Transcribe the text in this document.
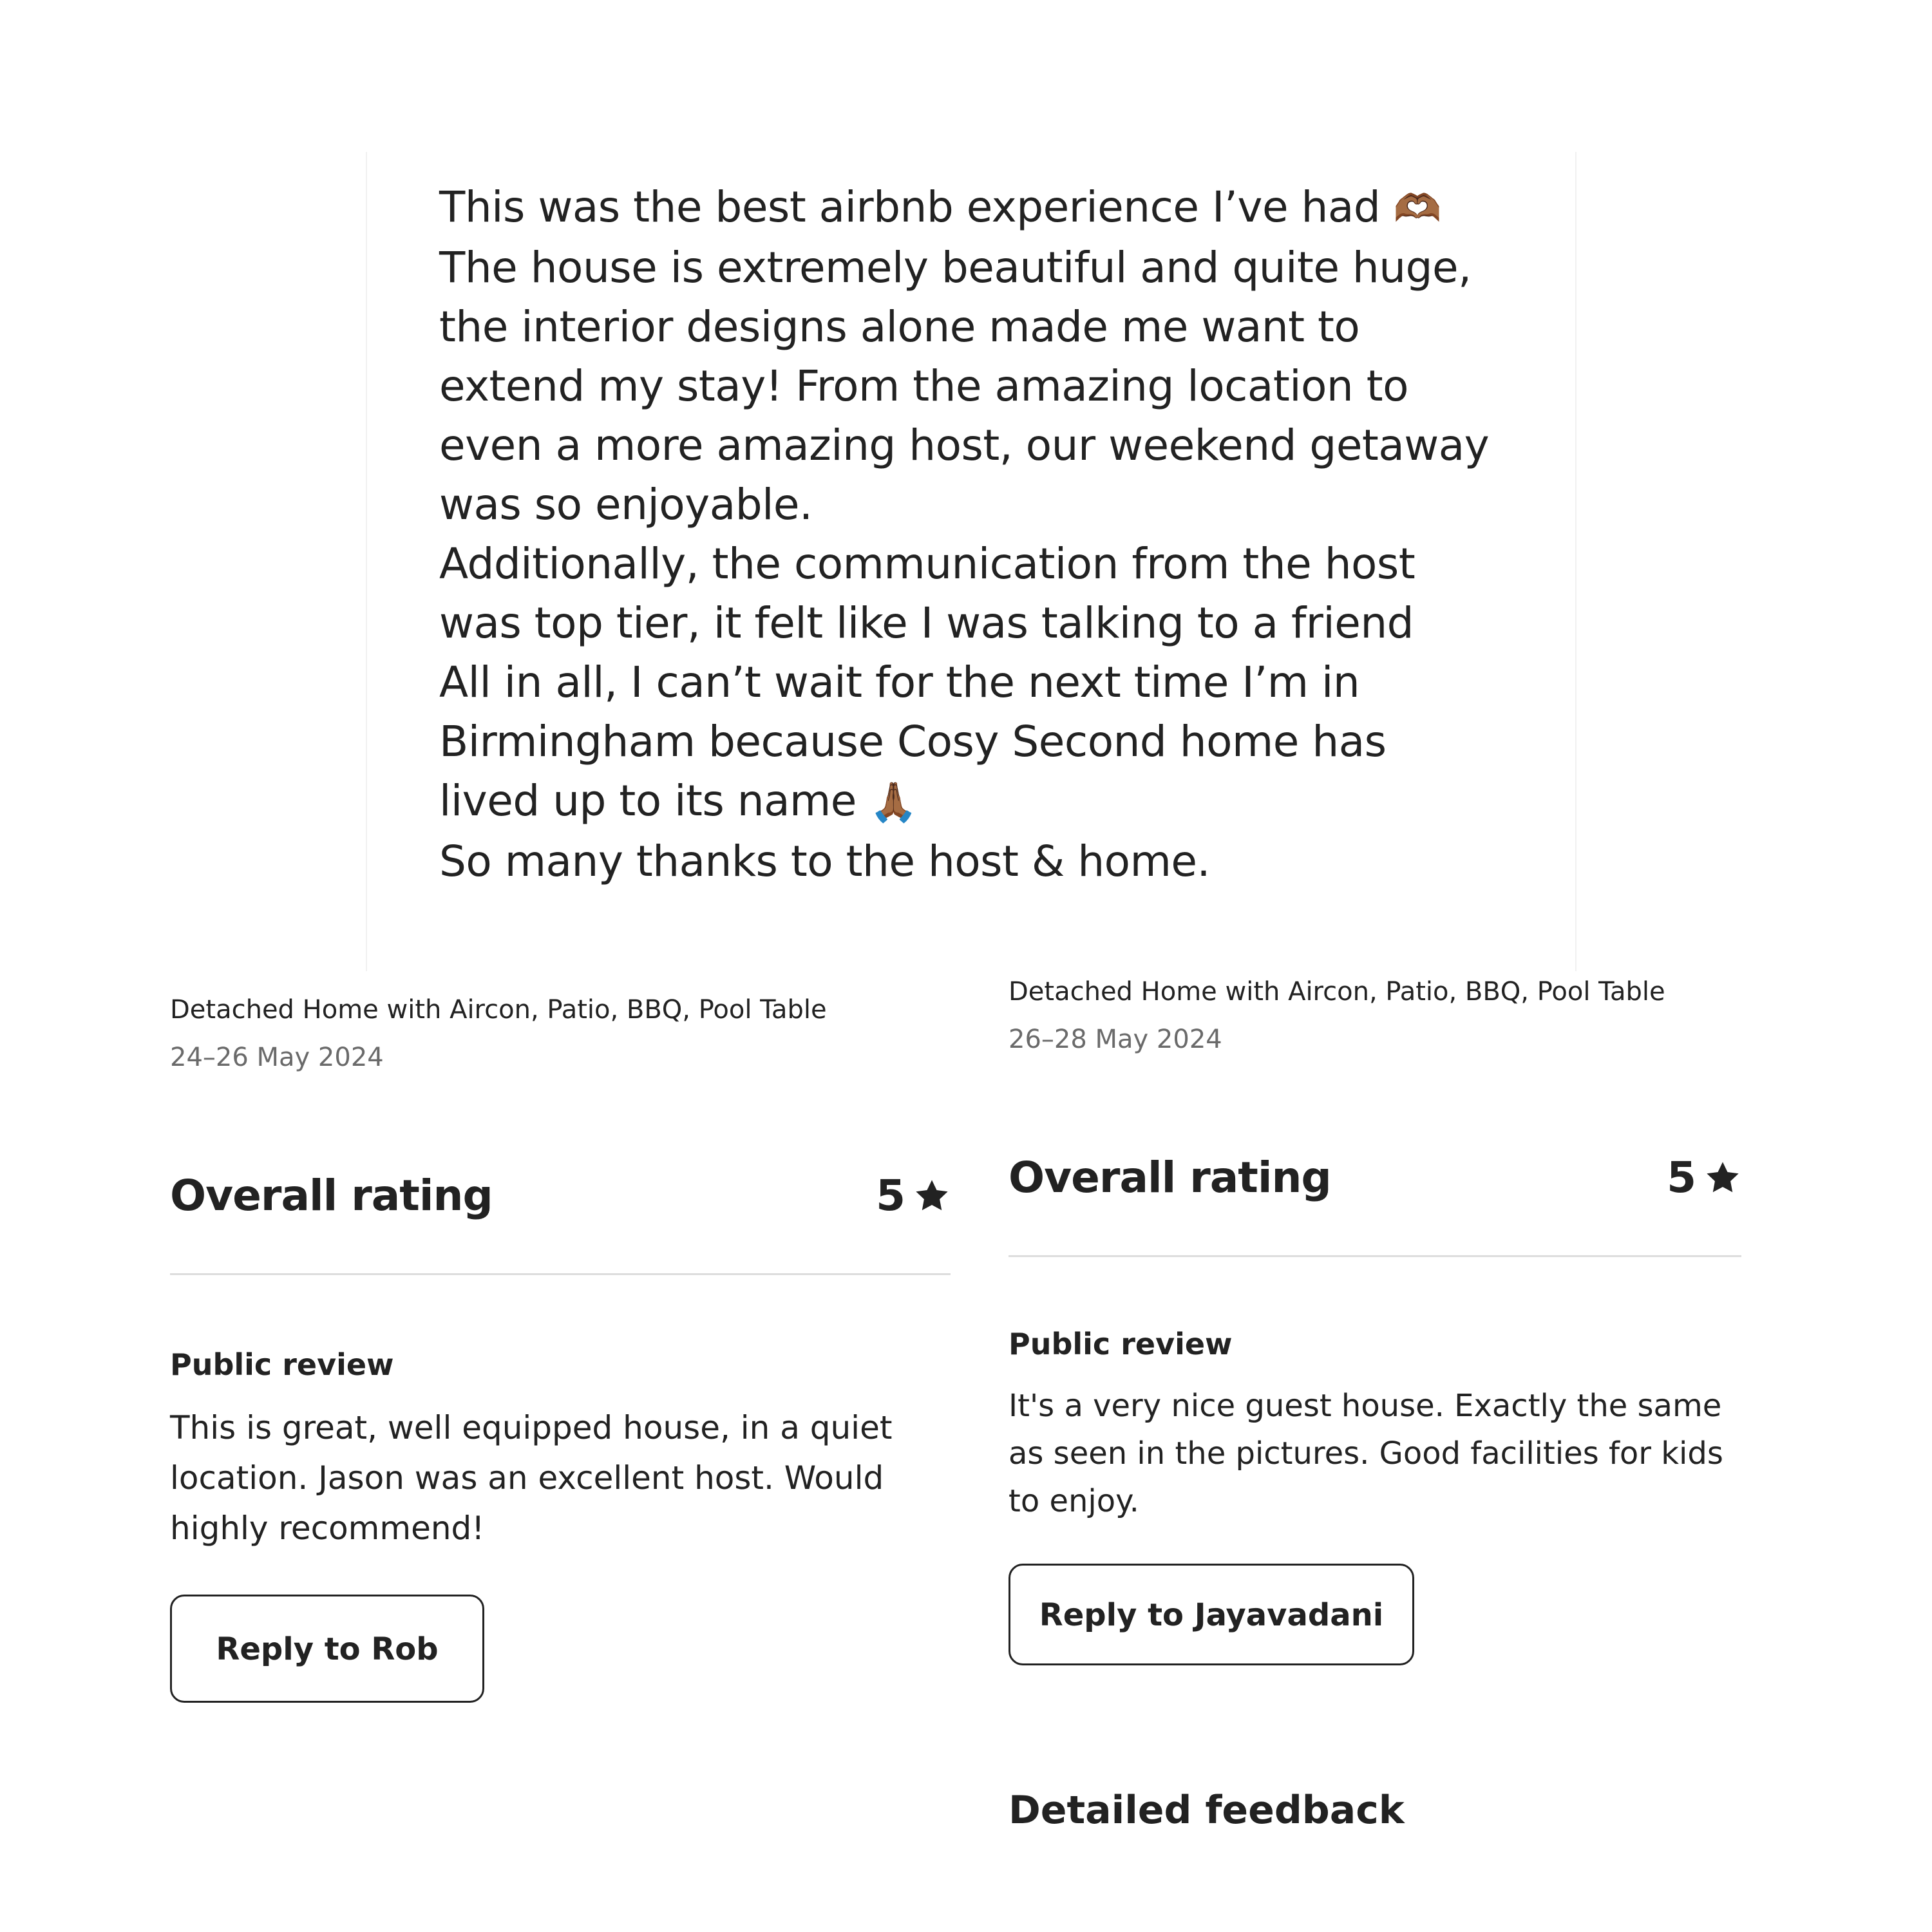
This was the best airbnb experience I’ve had 🫶🏾
The house is extremely beautiful and quite huge,
the interior designs alone made me want to
extend my stay! From the amazing location to
even a more amazing host, our weekend getaway
was so enjoyable.
Additionally, the communication from the host
was top tier, it felt like I was talking to a friend
All in all, I can’t wait for the next time I’m in
Birmingham because Cosy Second home has
lived up to its name 🙏🏾
So many thanks to the host & home.

Detached Home with Aircon, Patio, BBQ, Pool Table
24–26 May 2024
Overall rating	5
Public review
This is great, well equipped house, in a quiet location. Jason was an excellent host. Would highly recommend!
Reply to Rob
Detached Home with Aircon, Patio, BBQ, Pool Table
26–28 May 2024
Overall rating	5
Public review
It's a very nice guest house. Exactly the same as seen in the pictures. Good facilities for kids to enjoy.
Reply to Jayavadani
Detailed feedback
